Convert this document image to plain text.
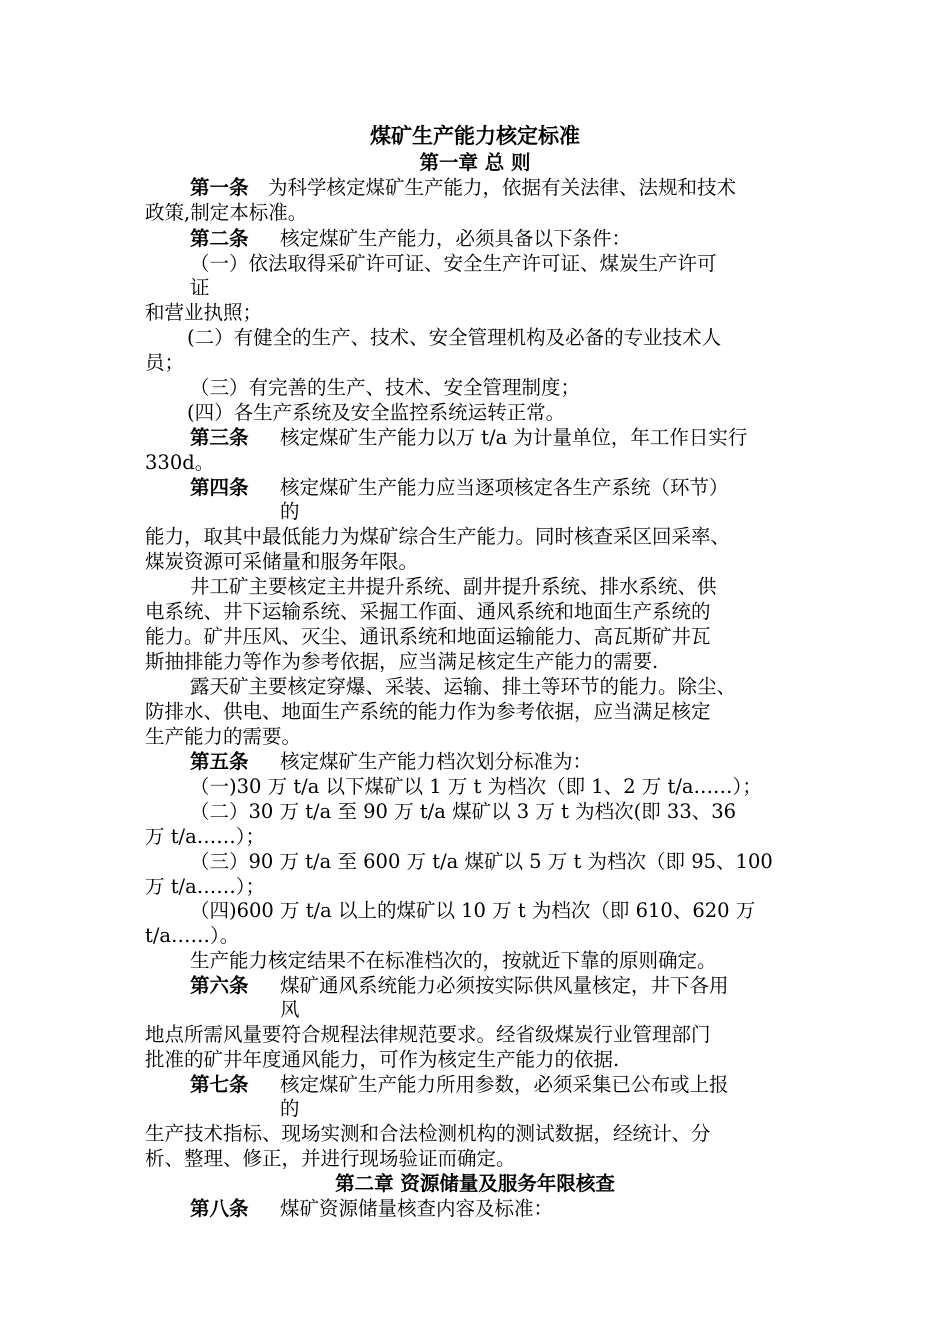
煤矿生产能力核定标准
第一章 总 则
第一条 为科学核定煤矿生产能力，依据有关法律、法规和技术
政策,制定本标准。
第二条 核定煤矿生产能力，必须具备以下条件：
（一）依法取得采矿许可证、安全生产许可证、煤炭生产许可
证
和营业执照；
(二）有健全的生产、技术、安全管理机构及必备的专业技术人
员；
（三）有完善的生产、技术、安全管理制度；
(四）各生产系统及安全监控系统运转正常。
第三条 核定煤矿生产能力以万 t/a 为计量单位，年工作日实行
330d。
第四条 核定煤矿生产能力应当逐项核定各生产系统（环节）
的
能力，取其中最低能力为煤矿综合生产能力。同时核查采区回采率、
煤炭资源可采储量和服务年限。
井工矿主要核定主井提升系统、副井提升系统、排水系统、供
电系统、井下运输系统、采掘工作面、通风系统和地面生产系统的
能力。矿井压风、灭尘、通讯系统和地面运输能力、高瓦斯矿井瓦
斯抽排能力等作为参考依据，应当满足核定生产能力的需要.
露天矿主要核定穿爆、采装、运输、排土等环节的能力。除尘、
防排水、供电、地面生产系统的能力作为参考依据，应当满足核定
生产能力的需要。
第五条 核定煤矿生产能力档次划分标准为：
（一)30 万 t/a 以下煤矿以 1 万 t 为档次（即 1、2 万 t/a……）；
（二）30 万 t/a 至 90 万 t/a 煤矿以 3 万 t 为档次(即 33、36
万 t/a……）；
（三）90 万 t/a 至 600 万 t/a 煤矿以 5 万 t 为档次（即 95、100
万 t/a……）；
（四)600 万 t/a 以上的煤矿以 10 万 t 为档次（即 610、620 万
t/a……）。
生产能力核定结果不在标准档次的，按就近下靠的原则确定。
第六条 煤矿通风系统能力必须按实际供风量核定，井下各用
风
地点所需风量要符合规程法律规范要求。经省级煤炭行业管理部门
批准的矿井年度通风能力，可作为核定生产能力的依据.
第七条 核定煤矿生产能力所用参数，必须采集已公布或上报
的
生产技术指标、现场实测和合法检测机构的测试数据，经统计、分
析、整理、修正，并进行现场验证而确定。
第二章 资源储量及服务年限核查
第八条 煤矿资源储量核查内容及标准：
